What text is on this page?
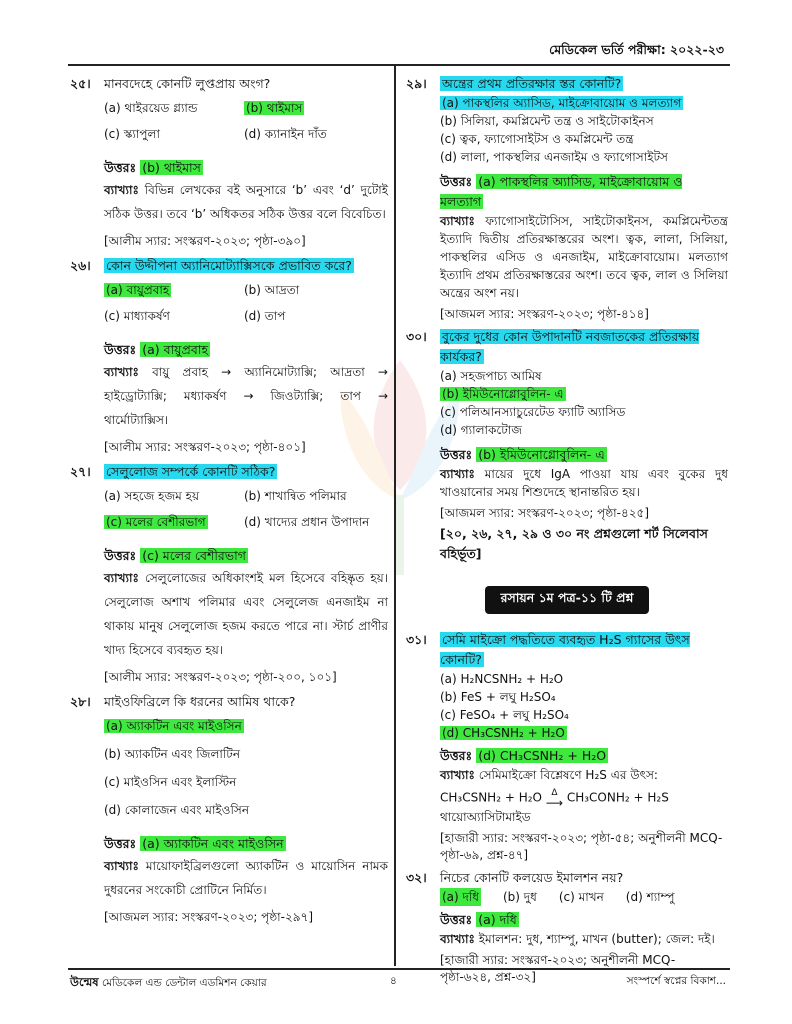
মেডিকেল ভর্তি পরীক্ষা: ২০২২-২৩
২৫।	মানবদেহে কোনটি লুপ্তপ্রায় অংগ?
(a) থাইরয়েড গ্ল্যান্ড	(b) থাইমাস
(c) স্ক্যাপুলা	(d) ক্যানাইন দাঁত
উত্তরঃ (b) থাইমাস
ব্যাখ্যাঃ বিভিন্ন লেখকের বই অনুসারে ‘b’ এবং ‘d’ দুটোই সঠিক উত্তর। তবে ‘b’ অধিকতর সঠিক উত্তর বলে বিবেচিত।
[আলীম স্যার: সংস্করণ-২০২৩; পৃষ্ঠা-৩৯০]
২৬।	কোন উদ্দীপনা অ্যানিমোট্যাক্সিসকে প্রভাবিত করে?
(a) বায়ুপ্রবাহ	(b) আদ্রতা
(c) মাধ্যাকর্ষণ	(d) তাপ
উত্তরঃ (a) বায়ুপ্রবাহ
ব্যাখ্যাঃ বায়ু প্রবাহ → অ্যানিমোট্যাক্সি; আদ্রতা → হাইড্রোট্যাক্সি; মধ্যাকর্ষণ → জিওট্যাক্সি; তাপ → থার্মোট্যাক্সিস।
[আলীম স্যার: সংস্করণ-২০২৩; পৃষ্ঠা-৪০১]
২৭।	সেলুলোজ সম্পর্কে কোনটি সঠিক?
(a) সহজে হজম হয়	(b) শাখান্বিত পলিমার
(c) মলের বেশীরভাগ	(d) খাদ্যের প্রধান উপাদান
উত্তরঃ (c) মলের বেশীরভাগ
ব্যাখ্যাঃ সেলুলোজের অধিকাংশই মল হিসেবে বহিষ্কৃত হয়। সেলুলোজ অশাখ পলিমার এবং সেলুলেজ এনজাইম না থাকায় মানুষ সেলুলোজ হজম করতে পারে না। স্টার্চ প্রাণীর খাদ্য হিসেবে ব্যবহৃত হয়।
[আলীম স্যার: সংস্করণ-২০২৩; পৃষ্ঠা-২০০, ১০১]
২৮।	মাইওফিব্রিলে কি ধরনের আমিষ থাকে?
(a) অ্যাকটিন এবং মাইওসিন
(b) অ্যাকটিন এবং জিলাটিন
(c) মাইওসিন এবং ইলাস্টিন
(d) কোলাজেন এবং মাইওসিন
উত্তরঃ (a) অ্যাকটিন এবং মাইওসিন
ব্যাখ্যাঃ মায়োফাইব্রিলগুলো অ্যাকটিন ও মায়োসিন নামক দুধরনের সংকোচী প্রোটিনে নির্মিত।
[আজমল স্যার: সংস্করণ-২০২৩; পৃষ্ঠা-২৯৭]
২৯।	অন্ত্রের প্রথম প্রতিরক্ষার স্তর কোনটি?
(a) পাকস্থলির অ্যাসিড, মাইক্রোবায়োম ও মলত্যাগ
(b) সিলিয়া, কমপ্লিমেন্ট তন্ত্র ও সাইটোকাইনস
(c) ত্বক, ফ্যাগোসাইটস ও কমপ্লিমেন্ট তন্ত্র
(d) লালা, পাকস্থলির এনজাইম ও ফ্যাগোসাইটস
উত্তরঃ (a) পাকস্থলির অ্যাসিড, মাইক্রোবায়োম ও মলত্যাগ
ব্যাখ্যাঃ ফ্যাগোসাইটোসিস, সাইটোকাইনস, কমপ্লিমেন্টতন্ত্র ইত্যাদি দ্বিতীয় প্রতিরক্ষাস্তরের অংশ। ত্বক, লালা, সিলিয়া, পাকস্থলির এসিড ও এনজাইম, মাইক্রোবায়োম। মলত্যাগ ইত্যাদি প্রথম প্রতিরক্ষাস্তরের অংশ। তবে ত্বক, লাল ও সিলিয়া অন্ত্রের অংশ নয়।
[আজমল স্যার: সংস্করণ-২০২৩; পৃষ্ঠা-৪১৪]
৩০।	বুকের দুধের কোন উপাদানটি নবজাতকের প্রতিরক্ষায় কার্যকর?
(a) সহজপাচ্য আমিষ
(b) ইমিউনোগ্লোবুলিন- এ
(c) পলিআনস্যাচুরেটেড ফ্যাটি অ্যাসিড
(d) গ্যালাকটোজ
উত্তরঃ (b) ইমিউনোগ্লোবুলিন- এ
ব্যাখ্যাঃ মায়ের দুধে IgA পাওয়া যায় এবং বুকের দুধ খাওয়ানোর সময় শিশুদেহে স্থানান্তরিত হয়।
[আজমল স্যার: সংস্করণ-২০২৩; পৃষ্ঠা-৪২৫]
[২০, ২৬, ২৭, ২৯ ও ৩০ নং প্রশ্নগুলো শর্ট সিলেবাস বহির্ভূত]
রসায়ন ১ম পত্র-১১ টি প্রশ্ন
৩১।	সেমি মাইক্রো পদ্ধতিতে ব্যবহৃত H₂S গ্যাসের উৎস কোনটি?
(a) H₂NCSNH₂ + H₂O
(b) FeS + লঘু H₂SO₄
(c) FeSO₄ + লঘু H₂SO₄
(d) CH₃CSNH₂ + H₂O
উত্তরঃ (d) CH₃CSNH₂ + H₂O
ব্যাখ্যাঃ সেমিমাইক্রো বিশ্লেষণে H₂S এর উৎস:
CH₃CSNH₂ + H₂O	Δ
⟶ CH₃CONH₂ + H₂S
থায়োঅ্যাসিটামাইড
[হাজারী স্যার: সংস্করণ-২০২৩; পৃষ্ঠা-৫৪; অনুশীলনী MCQ- পৃষ্ঠা-৬৯, প্রশ্ন-৪৭]
৩২।	নিচের কোনটি কলয়েড ইমালশন নয়?
(a) দধি (b) দুধ (c) মাখন (d) শ্যাম্পু
উত্তরঃ (a) দধি
ব্যাখ্যাঃ ইমালশন: দুধ, শ্যাম্পু, মাখন (butter); জেল: দই।
[হাজারী স্যার: সংস্করণ-২০২৩; অনুশীলনী MCQ- পৃষ্ঠা-৬২৪, প্রশ্ন-৩২]
উন্মেষ মেডিকেল এন্ড ডেন্টাল এডমিশন কেয়ার	৪	সংস্পর্শে স্বপ্নের বিকাশ...
